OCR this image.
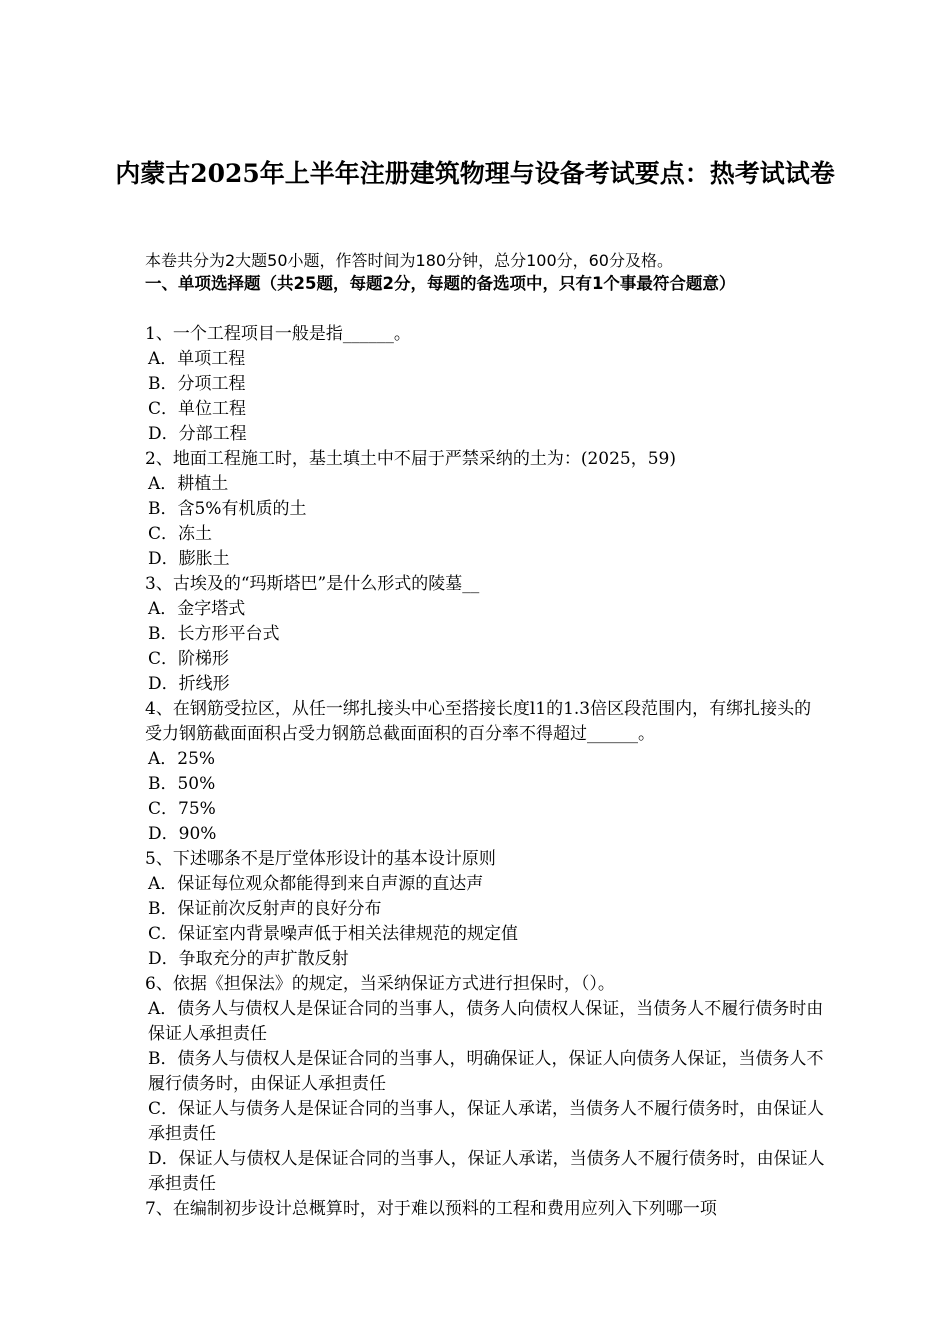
内蒙古2025年上半年注册建筑物理与设备考试要点：热考试试卷
本卷共分为2大题50小题，作答时间为180分钟，总分100分，60分及格。
一、单项选择题（共25题，每题2分，每题的备选项中，只有1个事最符合题意）
1、一个工程项目一般是指______。
A．单项工程
B．分项工程
C．单位工程
D．分部工程
2、地面工程施工时，基土填土中不屇于严禁采纳的土为：(2025，59)
A．耕植土
B．含5%有机质的土
C．冻土
D．膨胀土
3、古埃及的“玛斯塔巴”是什么形式的陵墓__
A．金字塔式
B．长方形平台式
C．阶梯形
D．折线形
4、在钢筋受拉区，从任一绑扎接头中心至搭接长度l1的1.3倍区段范围内，有绑扎接头的受力钢筋截面面积占受力钢筋总截面面积的百分率不得超过______。
A．25%
B．50%
C．75%
D．90%
5、下述哪条不是厅堂体形设计的基本设计原则
A．保证每位观众都能得到来自声源的直达声
B．保证前次反射声的良好分布
C．保证室内背景噪声低于相关法律规范的规定值
D．争取充分的声扩散反射
6、依据《担保法》的规定，当采纳保证方式进行担保时，（）。
A．债务人与债权人是保证合同的当事人，债务人向债权人保证，当债务人不履行债务时由保证人承担责任
B．债务人与债权人是保证合同的当事人，明确保证人，保证人向债务人保证，当债务人不履行债务时，由保证人承担责任
C．保证人与债务人是保证合同的当事人，保证人承诺，当债务人不履行债务时，由保证人承担责任
D．保证人与债权人是保证合同的当事人，保证人承诺，当债务人不履行债务时，由保证人承担责任
7、在编制初步设计总概算时，对于难以预料的工程和费用应列入下列哪一项
